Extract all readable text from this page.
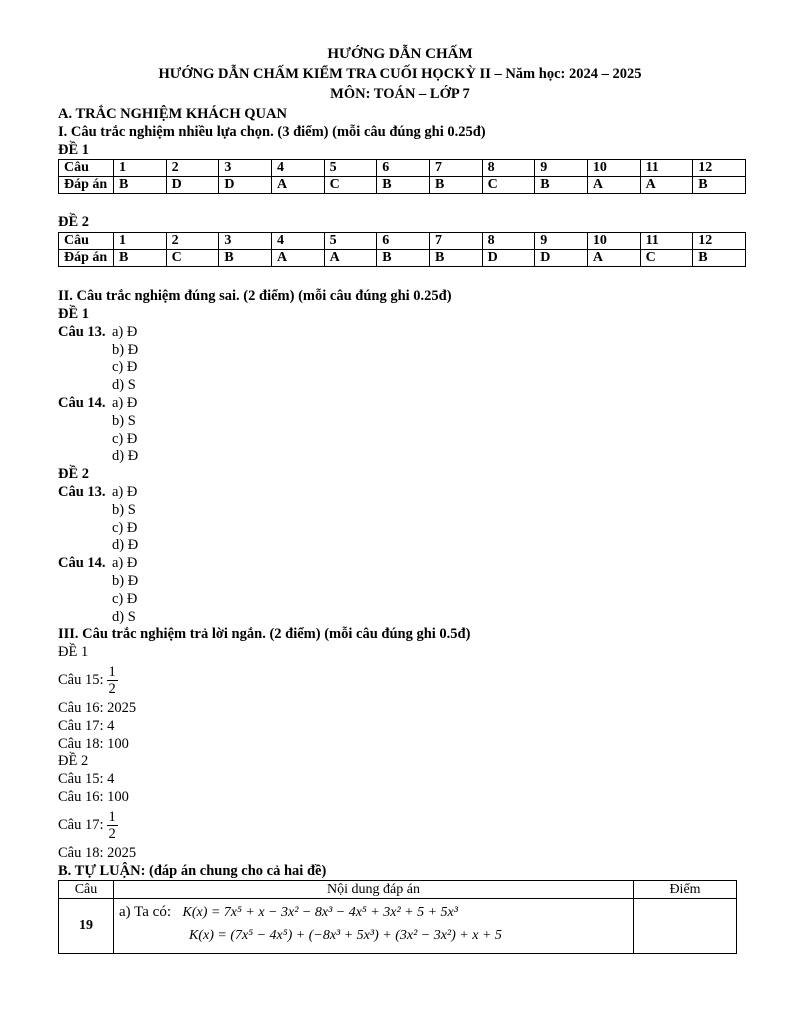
HƯỚNG DẪN CHẤM
HƯỚNG DẪN CHẤM KIỂM TRA CUỐI HỌCKỲ II – Năm học: 2024 – 2025
MÔN: TOÁN – LỚP 7
A. TRẮC NGHIỆM KHÁCH QUAN
I. Câu trắc nghiệm nhiều lựa chọn. (3 điểm) (mỗi câu đúng ghi 0.25đ)
ĐỀ 1
Câu	1	2	3	4	5	6	7	8	9	10	11	12
Đáp án	B	D	D	A	C	B	B	C	B	A	A	B
ĐỀ 2
Câu	1	2	3	4	5	6	7	8	9	10	11	12
Đáp án	B	C	B	A	A	B	B	D	D	A	C	B
II. Câu trắc nghiệm đúng sai. (2 điểm) (mỗi câu đúng ghi 0.25đ)
ĐỀ 1
Câu 13. a) Đ
b) Đ
c) Đ
d) S
Câu 14. a) Đ
b) S
c) Đ
d) Đ
ĐỀ 2
Câu 13. a) Đ
b) S
c) Đ
d) Đ
Câu 14. a) Đ
b) Đ
c) Đ
d) S
III. Câu trắc nghiệm trả lời ngắn. (2 điểm) (mỗi câu đúng ghi 0.5đ)
ĐỀ 1
Câu 15: $\frac{1}{2}$
Câu 16: 2025
Câu 17: 4
Câu 18: 100
ĐỀ 2
Câu 15: 4
Câu 16: 100
Câu 17: $\frac{1}{2}$
Câu 18: 2025
B. TỰ LUẬN: (đáp án chung cho cả hai đề)
Câu	Nội dung đáp án	Điểm
19	a) Ta có: K(x) = 7x⁵ + x − 3x² − 8x³ − 4x⁵ + 3x² + 5 + 5x³
K(x) = (7x⁵ − 4x⁵) + (−8x³ + 5x³) + (3x² − 3x²) + x + 5	
